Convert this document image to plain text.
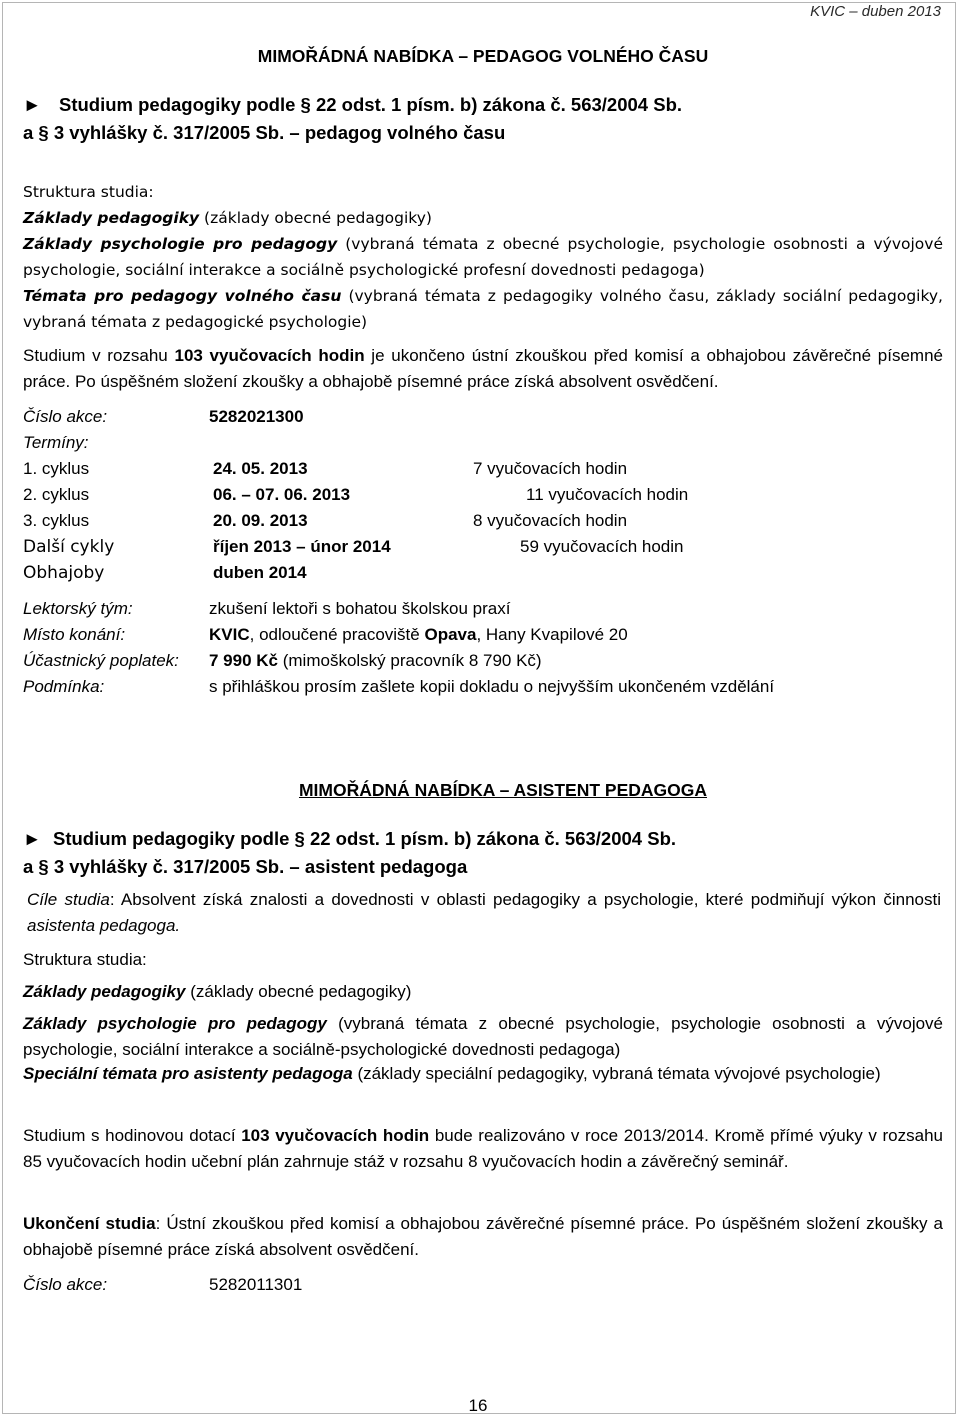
KVIC – duben 2013
MIMOŘÁDNÁ NABÍDKA – PEDAGOG VOLNÉHO ČASU
► Studium pedagogiky podle § 22 odst. 1 písm. b) zákona č. 563/2004 Sb.
a § 3 vyhlášky č. 317/2005 Sb. – pedagog volného času
Struktura studia:
Základy pedagogiky (základy obecné pedagogiky)
Základy psychologie pro pedagogy (vybraná témata z obecné psychologie, psychologie osobnosti a vývojové psychologie, sociální interakce a sociálně psychologické profesní dovednosti pedagoga)
Témata pro pedagogy volného času (vybraná témata z pedagogiky volného času, základy sociální pedagogiky, vybraná témata z pedagogické psychologie)
Studium v rozsahu 103 vyučovacích hodin je ukončeno ústní zkouškou před komisí a obhajobou závěrečné písemné práce. Po úspěšném složení zkoušky a obhajobě písemné práce získá absolvent osvědčení.
Číslo akce:	5282021300
Termíny:
1. cyklus	24. 05. 2013	7 vyučovacích hodin
2. cyklus	06. – 07. 06. 2013	11 vyučovacích hodin
3. cyklus	20. 09. 2013	8 vyučovacích hodin
Další cykly	říjen 2013 – únor 2014	59 vyučovacích hodin
Obhajoby	duben 2014
Lektorský tým:	zkušení lektoři s bohatou školskou praxí
Místo konání:	KVIC, odloučené pracoviště Opava, Hany Kvapilové 20
Účastnický poplatek: 7 990 Kč (mimoškolský pracovník 8 790 Kč)
Podmínka:	s přihláškou prosím zašlete kopii dokladu o nejvyšším ukončeném vzdělání
MIMOŘÁDNÁ NABÍDKA – ASISTENT PEDAGOGA
► Studium pedagogiky podle § 22 odst. 1 písm. b) zákona č. 563/2004 Sb.
a § 3 vyhlášky č. 317/2005 Sb. – asistent pedagoga
Cíle studia: Absolvent získá znalosti a dovednosti v oblasti pedagogiky a psychologie, které podmiňují výkon činnosti asistenta pedagoga.
Struktura studia:
Základy pedagogiky (základy obecné pedagogiky)
Základy psychologie pro pedagogy (vybraná témata z obecné psychologie, psychologie osobnosti a vývojové psychologie, sociální interakce a sociálně-psychologické dovednosti pedagoga)
Speciální témata pro asistenty pedagoga (základy speciální pedagogiky, vybraná témata vývojové psychologie)
Studium s hodinovou dotací 103 vyučovacích hodin bude realizováno v roce 2013/2014. Kromě přímé výuky v rozsahu 85 vyučovacích hodin učební plán zahrnuje stáž v rozsahu 8 vyučovacích hodin a závěrečný seminář.
Ukončení studia: Ústní zkouškou před komisí a obhajobou závěrečné písemné práce. Po úspěšném složení zkoušky a obhajobě písemné práce získá absolvent osvědčení.
Číslo akce:	5282011301
16
